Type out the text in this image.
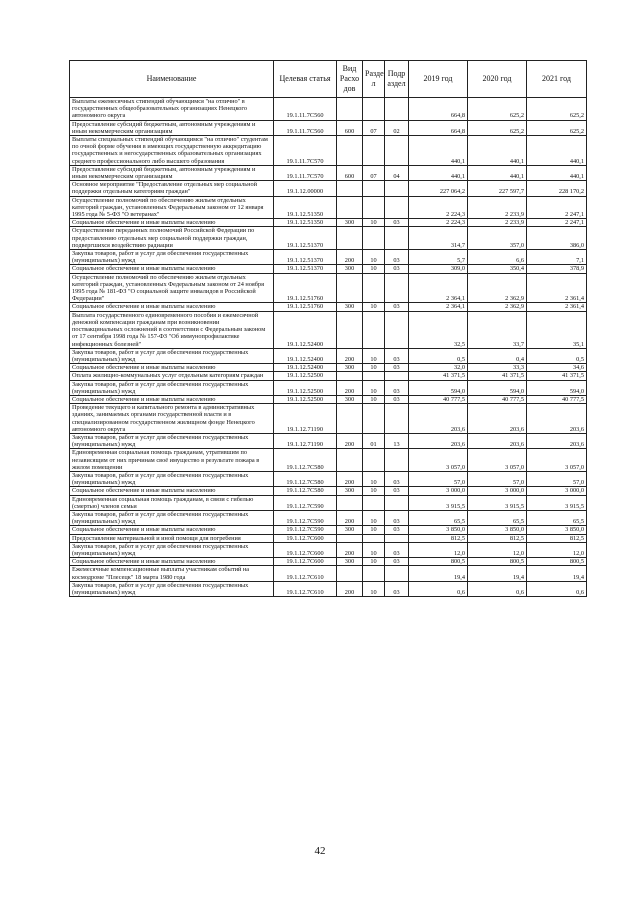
Наименование	Целевая статья	Вид Расхо дов	Разде л	Подр аздел	2019 год	2020 год	2021 год
Выплаты ежемесячных стипендий обучающимся "на отлично" в государственных общеобразовательных организациях Ненецкого автономного округа	19.1.11.7С560				664,8	625,2	625,2
Предоставление субсидий бюджетным, автономным учреждениям и иным некоммерческим организациям	19.1.11.7С560	600	07	02	664,8	625,2	625,2
Выплаты специальных стипендий обучающимся "на отлично" студентам по очной форме обучения в имеющих государственную аккредитацию государственных и негосударственных образовательных организациях среднего профессионального либо высшего образования	19.1.11.7С570				440,1	440,1	440,1
Предоставление субсидий бюджетным, автономным учреждениям и иным некоммерческим организациям	19.1.11.7С570	600	07	04	440,1	440,1	440,1
Основное мероприятие "Предоставление отдельных мер социальной поддержки отдельным категориям граждан"	19.1.12.00000				227 064,2	227 597,7	228 170,2
Осуществление полномочий по обеспечению жильем отдельных категорий граждан, установленных Федеральным законом от 12 января 1995 года № 5-ФЗ "О ветеранах"	19.1.12.51350				2 224,3	2 233,9	2 247,1
Социальное обеспечение и иные выплаты населению	19.1.12.51350	300	10	03	2 224,3	2 233,9	2 247,1
Осуществление переданных полномочий Российской Федерации по предоставлению отдельных мер социальной поддержки граждан, подвергшихся воздействию радиации	19.1.12.51370				314,7	357,0	386,0
Закупка товаров, работ и услуг для обеспечения государственных (муниципальных) нужд	19.1.12.51370	200	10	03	5,7	6,6	7,1
Социальное обеспечение и иные выплаты населению	19.1.12.51370	300	10	03	309,0	350,4	378,9
Осуществление полномочий по обеспечению жильем отдельных категорий граждан, установленных Федеральным законом от 24 ноября 1995 года № 181-ФЗ "О социальной защите инвалидов в Российской Федерации"	19.1.12.51760				2 364,1	2 362,9	2 361,4
Социальное обеспечение и иные выплаты населению	19.1.12.51760	300	10	03	2 364,1	2 362,9	2 361,4
Выплата государственного единовременного пособия и ежемесячной денежной компенсации гражданам при возникновении поствакцинальных осложнений в соответствии с Федеральным законом от 17 сентября 1998 года № 157-ФЗ "Об иммунопрофилактике инфекционных болезней"	19.1.12.52400				32,5	33,7	35,1
Закупка товаров, работ и услуг для обеспечения государственных (муниципальных) нужд	19.1.12.52400	200	10	03	0,5	0,4	0,5
Социальное обеспечение и иные выплаты населению	19.1.12.52400	300	10	03	32,0	33,3	34,6
Оплата жилищно-коммунальных услуг отдельным категориям граждан	19.1.12.52500				41 371,5	41 371,5	41 371,5
Закупка товаров, работ и услуг для обеспечения государственных (муниципальных) нужд	19.1.12.52500	200	10	03	594,0	594,0	594,0
Социальное обеспечение и иные выплаты населению	19.1.12.52500	300	10	03	40 777,5	40 777,5	40 777,5
Проведение текущего и капитального ремонта в административных зданиях, занимаемых органами государственной власти и в специализированном государственном жилищном фонде Ненецкого автономного округа	19.1.12.71190				203,6	203,6	203,6
Закупка товаров, работ и услуг для обеспечения государственных (муниципальных) нужд	19.1.12.71190	200	01	13	203,6	203,6	203,6
Единовременная социальная помощь гражданам, утратившим по независящим от них причинам своё имущество в результате пожара в жилом помещении	19.1.12.7С580				3 057,0	3 057,0	3 057,0
Закупка товаров, работ и услуг для обеспечения государственных (муниципальных) нужд	19.1.12.7С580	200	10	03	57,0	57,0	57,0
Социальное обеспечение и иные выплаты населению	19.1.12.7С580	300	10	03	3 000,0	3 000,0	3 000,0
Единовременная социальная помощь гражданам, в связи с гибелью (смертью) членов семьи	19.1.12.7С590				3 915,5	3 915,5	3 915,5
Закупка товаров, работ и услуг для обеспечения государственных (муниципальных) нужд	19.1.12.7С590	200	10	03	65,5	65,5	65,5
Социальное обеспечение и иные выплаты населению	19.1.12.7С590	300	10	03	3 850,0	3 850,0	3 850,0
Предоставление материальной и иной помощи для погребения	19.1.12.7С600				812,5	812,5	812,5
Закупка товаров, работ и услуг для обеспечения государственных (муниципальных) нужд	19.1.12.7С600	200	10	03	12,0	12,0	12,0
Социальное обеспечение и иные выплаты населению	19.1.12.7С600	300	10	03	800,5	800,5	800,5
Ежемесячные компенсационные выплаты участникам событий на космодроме "Плесецк" 18 марта 1980 года	19.1.12.7С610				19,4	19,4	19,4
Закупка товаров, работ и услуг для обеспечения государственных (муниципальных) нужд	19.1.12.7С610	200	10	03	0,6	0,6	0,6
42
